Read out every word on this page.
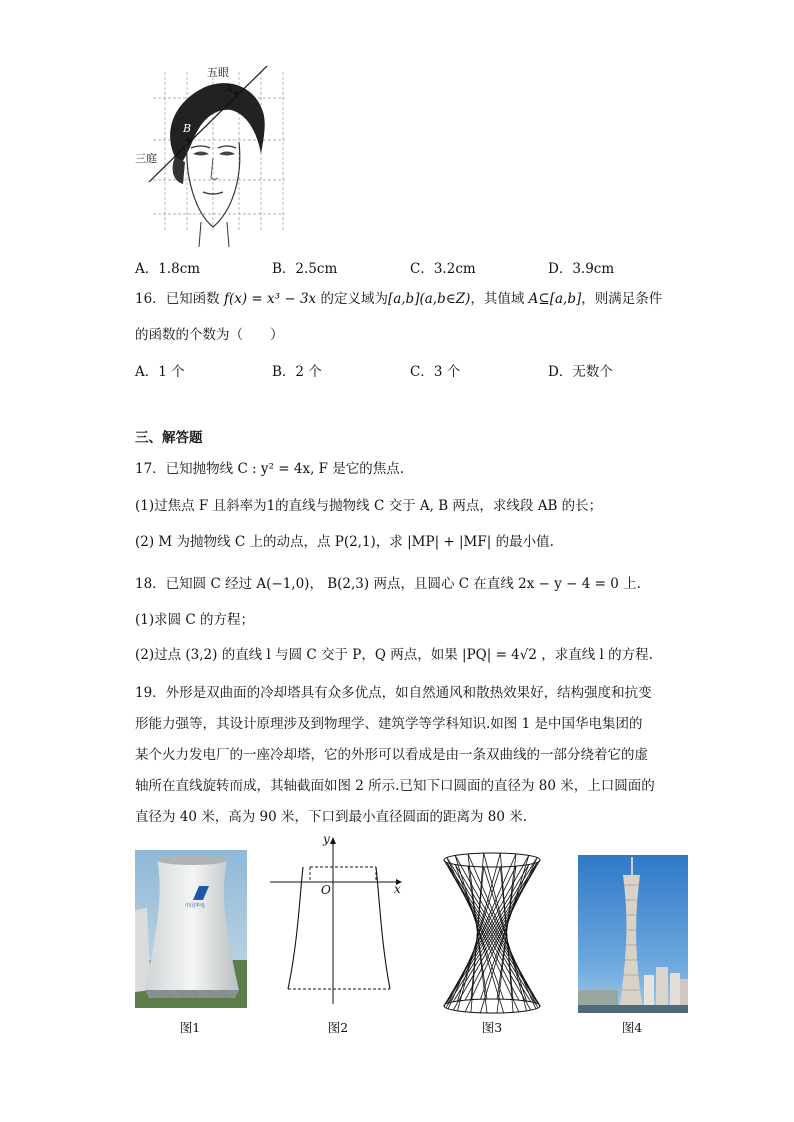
五眼
A
B
三庭
A．1.8cm	B．2.5cm	C．3.2cm	D．3.9cm
16．已知函数 f(x) = x³ − 3x 的定义域为[a,b](a,b∈Z)，其值域 A⊆[a,b]，则满足条件
的函数的个数为（　　）
A．1 个	B．2 个	C．3 个	D．无数个
三、解答题
17．已知抛物线 C : y² = 4x, F 是它的焦点.
(1)过焦点 F 且斜率为1的直线与抛物线 C 交于 A, B 两点，求线段 AB 的长；
(2) M 为抛物线 C 上的动点，点 P(2,1)，求 |MP| + |MF| 的最小值.
18．已知圆 C 经过 A(−1,0)， B(2,3) 两点，且圆心 C 在直线 2x − y − 4 = 0 上.
(1)求圆 C 的方程；
(2)过点 (3,2) 的直线 l 与圆 C 交于 P，Q 两点，如果 |PQ| = 4√2 ，求直线 l 的方程.
19．外形是双曲面的冷却塔具有众多优点，如自然通风和散热效果好，结构强度和抗变
形能力强等，其设计原理涉及到物理学、建筑学等学科知识.如图 1 是中国华电集团的
某个火力发电厂的一座冷却塔，它的外形可以看成是由一条双曲线的一部分绕着它的虚
轴所在直线旋转而成，其轴截面如图 2 所示.已知下口圆面的直径为 80 米，上口圆面的
直径为 40 米，高为 90 米，下口到最小直径圆面的距离为 80 米.
中国华电
y
x
O
图1	图2	图3	图4
